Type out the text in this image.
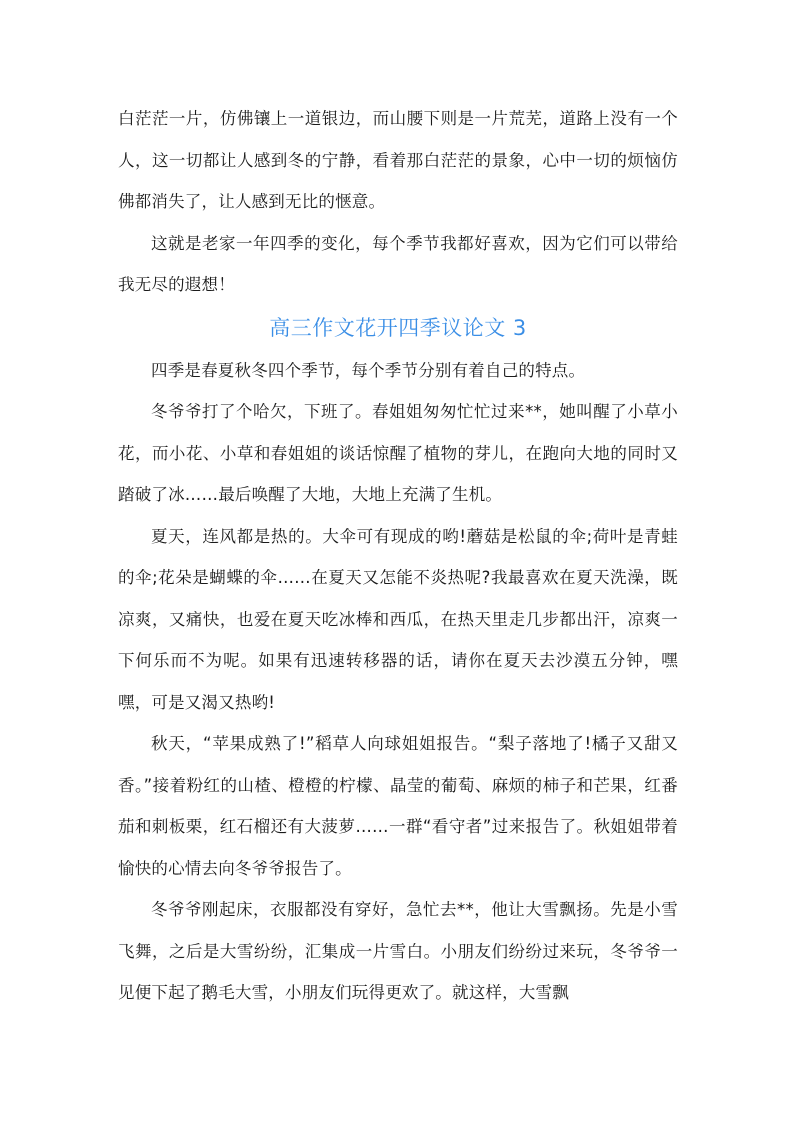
白茫茫一片，仿佛镶上一道银边，而山腰下则是一片荒芜，道路上没有一个人，这一切都让人感到冬的宁静，看着那白茫茫的景象，心中一切的烦恼仿佛都消失了，让人感到无比的惬意。

这就是老家一年四季的变化，每个季节我都好喜欢，因为它们可以带给我无尽的遐想！

高三作文花开四季议论文 3

四季是春夏秋冬四个季节，每个季节分别有着自己的特点。

冬爷爷打了个哈欠，下班了。春姐姐匆匆忙忙过来**，她叫醒了小草小花，而小花、小草和春姐姐的谈话惊醒了植物的芽儿，在跑向大地的同时又踏破了冰……最后唤醒了大地，大地上充满了生机。

夏天，连风都是热的。大伞可有现成的哟!蘑菇是松鼠的伞;荷叶是青蛙的伞;花朵是蝴蝶的伞……在夏天又怎能不炎热呢?我最喜欢在夏天洗澡，既凉爽，又痛快，也爱在夏天吃冰棒和西瓜，在热天里走几步都出汗，凉爽一下何乐而不为呢。如果有迅速转移器的话，请你在夏天去沙漠五分钟，嘿嘿，可是又渴又热哟!

秋天，“苹果成熟了!”稻草人向球姐姐报告。“梨子落地了!橘子又甜又香。”接着粉红的山楂、橙橙的柠檬、晶莹的葡萄、麻烦的柿子和芒果，红番茄和刺板栗，红石榴还有大菠萝……一群“看守者”过来报告了。秋姐姐带着愉快的心情去向冬爷爷报告了。

冬爷爷刚起床，衣服都没有穿好，急忙去**，他让大雪飘扬。先是小雪飞舞，之后是大雪纷纷，汇集成一片雪白。小朋友们纷纷过来玩，冬爷爷一见便下起了鹅毛大雪，小朋友们玩得更欢了。就这样，大雪飘
